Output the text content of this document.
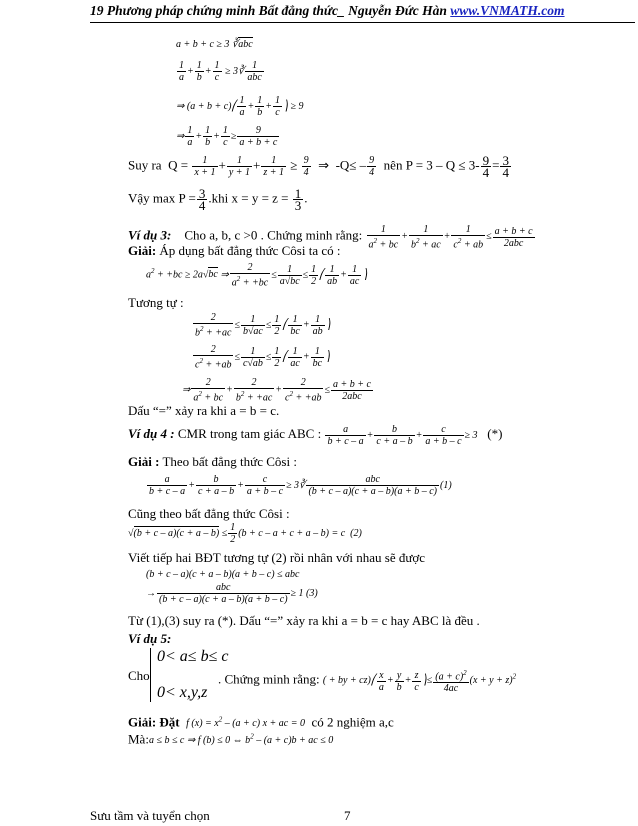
19 Phương pháp chứng minh Bất đẳng thức_ Nguyễn Đức Hàn www.VNMATH.com
a + b + c ≥ 3 ∛abc
$\frac{1}{a} + \frac{1}{b} + \frac{1}{c}$ ≥ 3∛
1
abc
⇒ (a + b + c)⎛ $\frac{1}{a} + \frac{1}{b} + \frac{1}{c}$ ⎞ ≥ 9
⇒ $\frac{1}{a} + \frac{1}{b} + \frac{1}{c} \ge \frac{9}{a + b + c}$
Suy ra  $Q = \frac{1}{x + 1} + \frac{1}{y + 1} + \frac{1}{z + 1} \ge \frac{9}{4}$ ⇒  $-Q\le - \frac{9}{4}$ nên $P = 3 - Q \le 3- \frac{9}{4} = \frac{3}{4}$
Vậy $\max P = \frac{3}{4} .khi$ $x = y = z = \frac{1}{3}$ .
Ví dụ 3: Cho a, b, c >0 . Chứng minh rằng: $\frac{1}{a^2 + bc} + \frac{1}{b^2 + ac} + \frac{1}{c^2 + ab}$ ≤
a + b + c
2abc
Giải: Áp dụng bất đẳng thức Côsi ta có :
$a^2 + +bc \ge 2a√bc$ ⇒ $\frac{2}{a^2 + +bc} \le \frac{1}{a√bc} \le \frac{1}{2}$ ⎛ $\frac{1}{ab} + \frac{1}{ac}$ ⎞
Tương tự :
$\frac{2}{b^2 + +ac} \le \frac{1}{b√ac} \le \frac{1}{2}$ ⎛ $\frac{1}{bc} + \frac{1}{ab}$ ⎞
$\frac{2}{c^2 + +ab} \le \frac{1}{c√ab} \le \frac{1}{2}$ ⎛ $\frac{1}{ac} + \frac{1}{bc}$ ⎞
⇒ $\frac{2}{a^2 + bc} + \frac{2}{b^2 + +ac} + \frac{2}{c^2 + +ab}$ ≤
a + b + c
2abc
Dấu “=” xảy ra khi a = b = c.
Ví dụ 4 : CMR trong tam giác ABC : $\frac{a}{b + c - a} + \frac{b}{c + a - b} + \frac{c}{a + b - c} \ge 3$ (*)
Giải : Theo bất đẳng thức Côsi :
$\frac{a}{b + c - a} + \frac{b}{c + a - b} + \frac{c}{a + b - c}$ ≥ 3∛
abc
(b + c – a)(c + a – b)(a + b – c)
(1)
Cũng theo bất đẳng thức Côsi :
$√(b + c - a)(c + a - b) \le \frac{1}{2} (b + c - a + c + a - b) = c$  (2)
Viết tiếp hai BĐT tương tự (2) rồi nhân với nhau sẽ được
(b + c – a)(c + a – b)(a + b – c) ≤ abc
→
abc
(b + c – a)(c + a – b)(a + b – c)
≥ 1 (3)
Từ (1),(3) suy ra (*). Dấu “=” xảy ra khi a = b = c hay ABC là đều .
Ví dụ 5:
Cho
0< a≤ b≤ c

0< x,y,z
. Chứng minh rằng: ( + by + cz)⎛ $\frac{x}{a} + \frac{y}{b} + \frac{z}{c}$ ⎞≤ $\frac{(a + c)^2}{4ac} (x + y + z)^2$
Giải: Đặt f $(x) = x^2 - (a + c) x$ + ac = 0 có 2 nghiệm a,c
Mà:a ≤ b ≤ c ⇒ f (b) ≤ 0 ⇔ $b^2 - (a + c)b$ + ac ≤ 0
Sưu tầm và tuyển chọn	7
